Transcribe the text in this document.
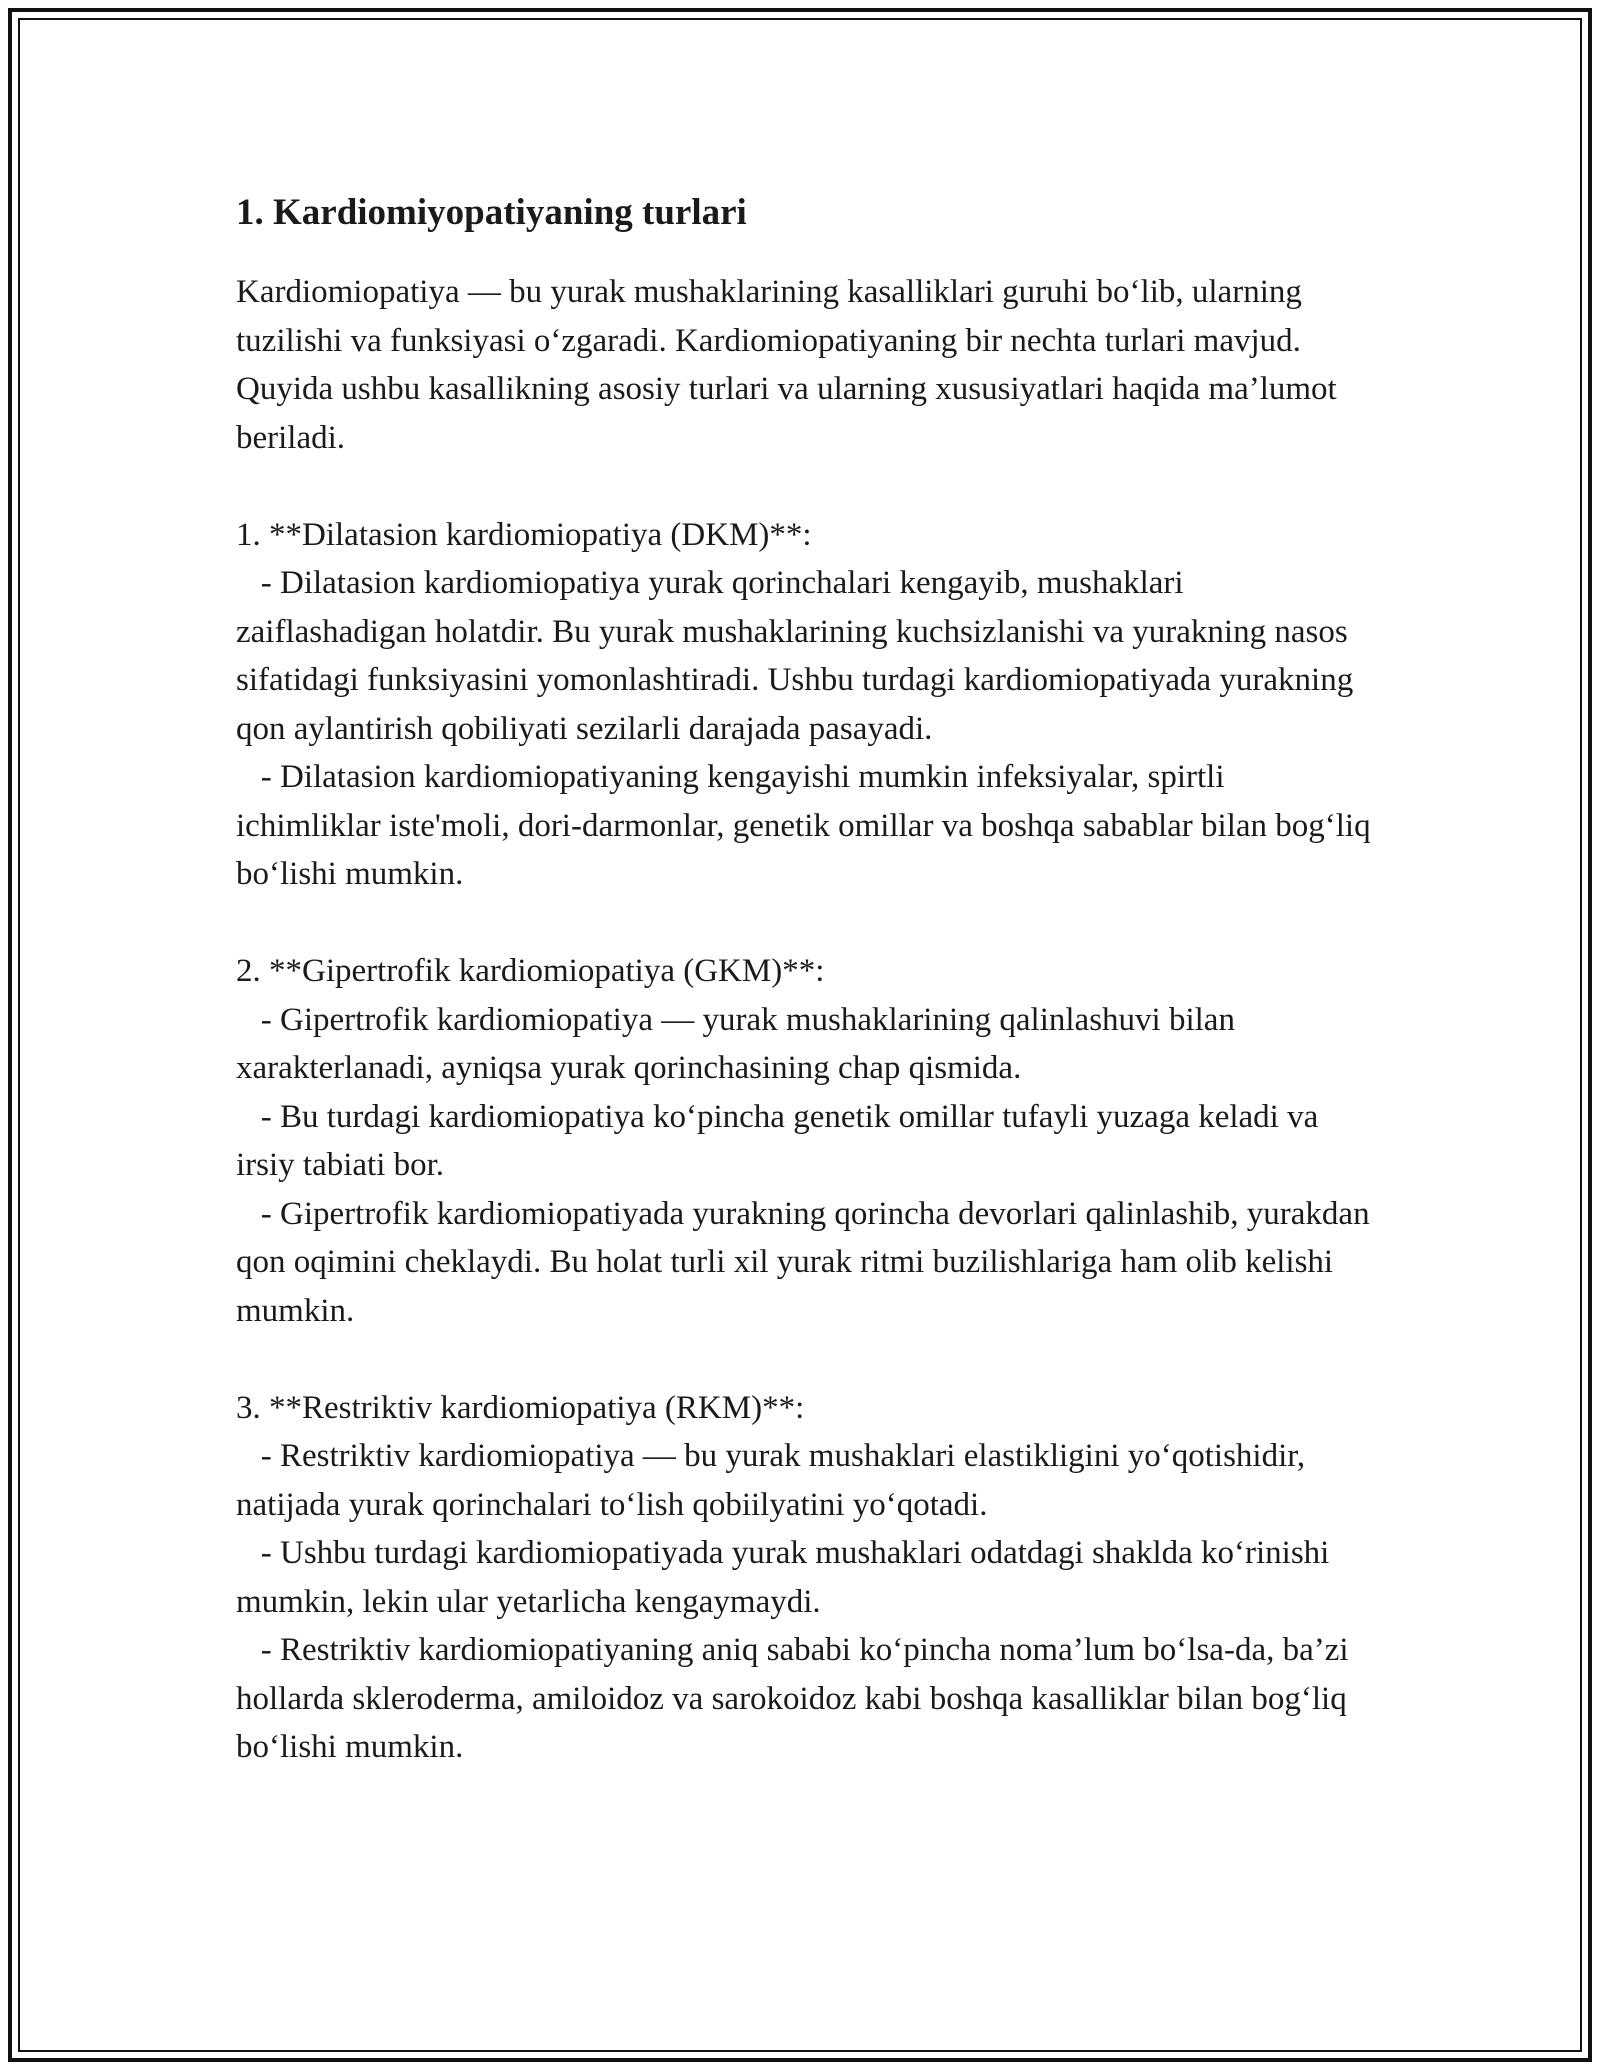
1. Kardiomiyopatiyaning turlari

Kardiomiopatiya — bu yurak mushaklarining kasalliklari guruhi bo‘lib, ularning tuzilishi va funksiyasi o‘zgaradi. Kardiomiopatiyaning bir nechta turlari mavjud. Quyida ushbu kasallikning asosiy turlari va ularning xususiyatlari haqida ma’lumot beriladi.

1. **Dilatasion kardiomiopatiya (DKM)**:

- Dilatasion kardiomiopatiya yurak qorinchalari kengayib, mushaklari zaiflashadigan holatdir. Bu yurak mushaklarining kuchsizlanishi va yurakning nasos sifatidagi funksiyasini yomonlashtiradi. Ushbu turdagi kardiomiopatiyada yurakning qon aylantirish qobiliyati sezilarli darajada pasayadi.

- Dilatasion kardiomiopatiyaning kengayishi mumkin infeksiyalar, spirtli ichimliklar iste'moli, dori-darmonlar, genetik omillar va boshqa sabablar bilan bog‘liq bo‘lishi mumkin.

2. **Gipertrofik kardiomiopatiya (GKM)**:

- Gipertrofik kardiomiopatiya — yurak mushaklarining qalinlashuvi bilan xarakterlanadi, ayniqsa yurak qorinchasining chap qismida.

- Bu turdagi kardiomiopatiya ko‘pincha genetik omillar tufayli yuzaga keladi va irsiy tabiati bor.

- Gipertrofik kardiomiopatiyada yurakning qorincha devorlari qalinlashib, yurakdan qon oqimini cheklaydi. Bu holat turli xil yurak ritmi buzilishlariga ham olib kelishi mumkin.

3. **Restriktiv kardiomiopatiya (RKM)**:

- Restriktiv kardiomiopatiya — bu yurak mushaklari elastikligini yo‘qotishidir, natijada yurak qorinchalari to‘lish qobiilyatini yo‘qotadi.

- Ushbu turdagi kardiomiopatiyada yurak mushaklari odatdagi shaklda ko‘rinishi mumkin, lekin ular yetarlicha kengaymaydi.

- Restriktiv kardiomiopatiyaning aniq sababi ko‘pincha noma’lum bo‘lsa-da, ba’zi hollarda skleroderma, amiloidoz va sarokoidoz kabi boshqa kasalliklar bilan bog‘liq bo‘lishi mumkin.
